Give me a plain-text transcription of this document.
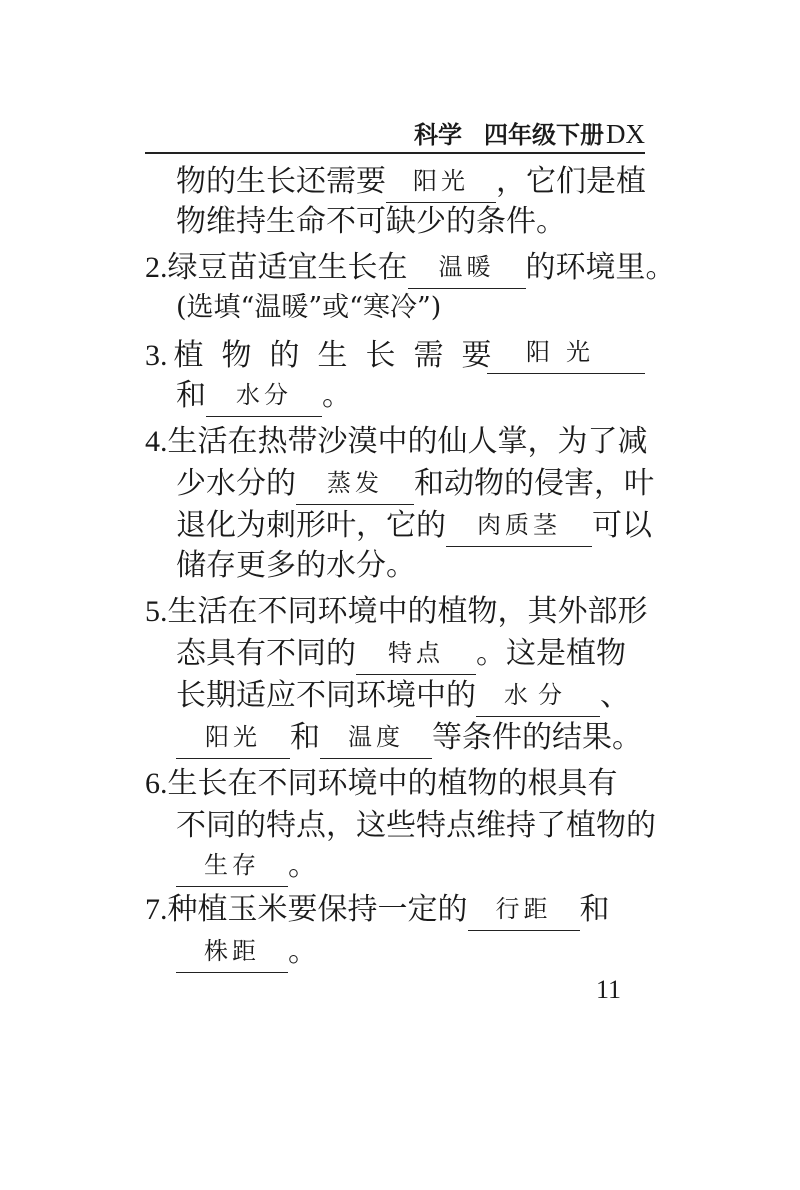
科学 四年级下册 DX
物的生长还需要 阳光 ，它们是植
物维持生命不可缺少的条件。
2.绿豆苗适宜生长在 温暖 的环境里。
(选填“温暖”或“寒冷”)
3. 植物的生长需要 阳光
和 水分 。
4.生活在热带沙漠中的仙人掌，为了减
少水分的 蒸发 和动物的侵害，叶
退化为刺形叶，它的 肉质茎 可以
储存更多的水分。
5.生活在不同环境中的植物，其外部形
态具有不同的 特点 。这是植物
长期适应不同环境中的 水分 、
阳光 和 温度 等条件的结果。
6.生长在不同环境中的植物的根具有
不同的特点，这些特点维持了植物的
生存 。
7.种植玉米要保持一定的 行距 和
株距 。
11
